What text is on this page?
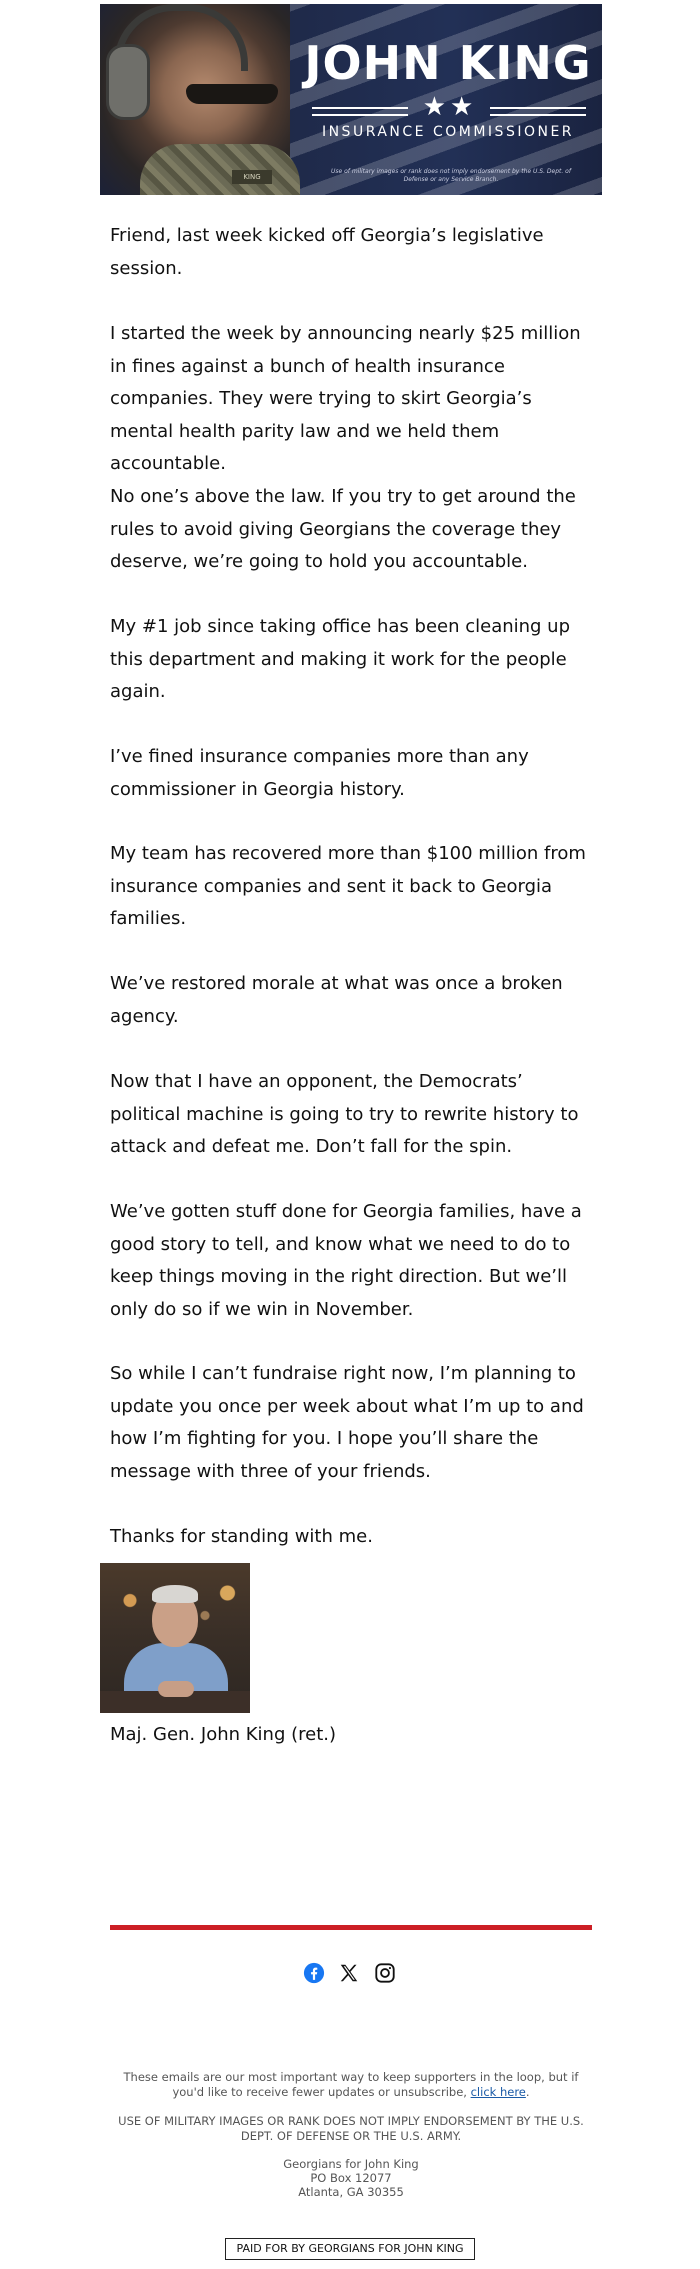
KING
JOHN KING
★★
INSURANCE COMMISSIONER
Use of military images or rank does not imply endorsement by the U.S. Dept. of Defense or any Service Branch.
Friend, last week kicked off Georgia’s legislative session.
I started the week by announcing nearly $25 million in fines against a bunch of health insurance companies. They were trying to skirt Georgia’s mental health parity law and we held them accountable.
No one’s above the law. If you try to get around the rules to avoid giving Georgians the coverage they deserve, we’re going to hold you accountable.
My #1 job since taking office has been cleaning up this department and making it work for the people again.
I’ve fined insurance companies more than any commissioner in Georgia history.
My team has recovered more than $100 million from insurance companies and sent it back to Georgia families.
We’ve restored morale at what was once a broken agency.
Now that I have an opponent, the Democrats’ political machine is going to try to rewrite history to attack and defeat me. Don’t fall for the spin.
We’ve gotten stuff done for Georgia families, have a good story to tell, and know what we need to do to keep things moving in the right direction. But we’ll only do so if we win in November.
So while I can’t fundraise right now, I’m planning to update you once per week about what I’m up to and how I’m fighting for you. I hope you’ll share the message with three of your friends.
Thanks for standing with me.
Maj. Gen. John King (ret.)
These emails are our most important way to keep supporters in the loop, but if you'd like to receive fewer updates or unsubscribe, click here.
USE OF MILITARY IMAGES OR RANK DOES NOT IMPLY ENDORSEMENT BY THE U.S. DEPT. OF DEFENSE OR THE U.S. ARMY.
Georgians for John King
PO Box 12077
Atlanta, GA 30355
PAID FOR BY GEORGIANS FOR JOHN KING
